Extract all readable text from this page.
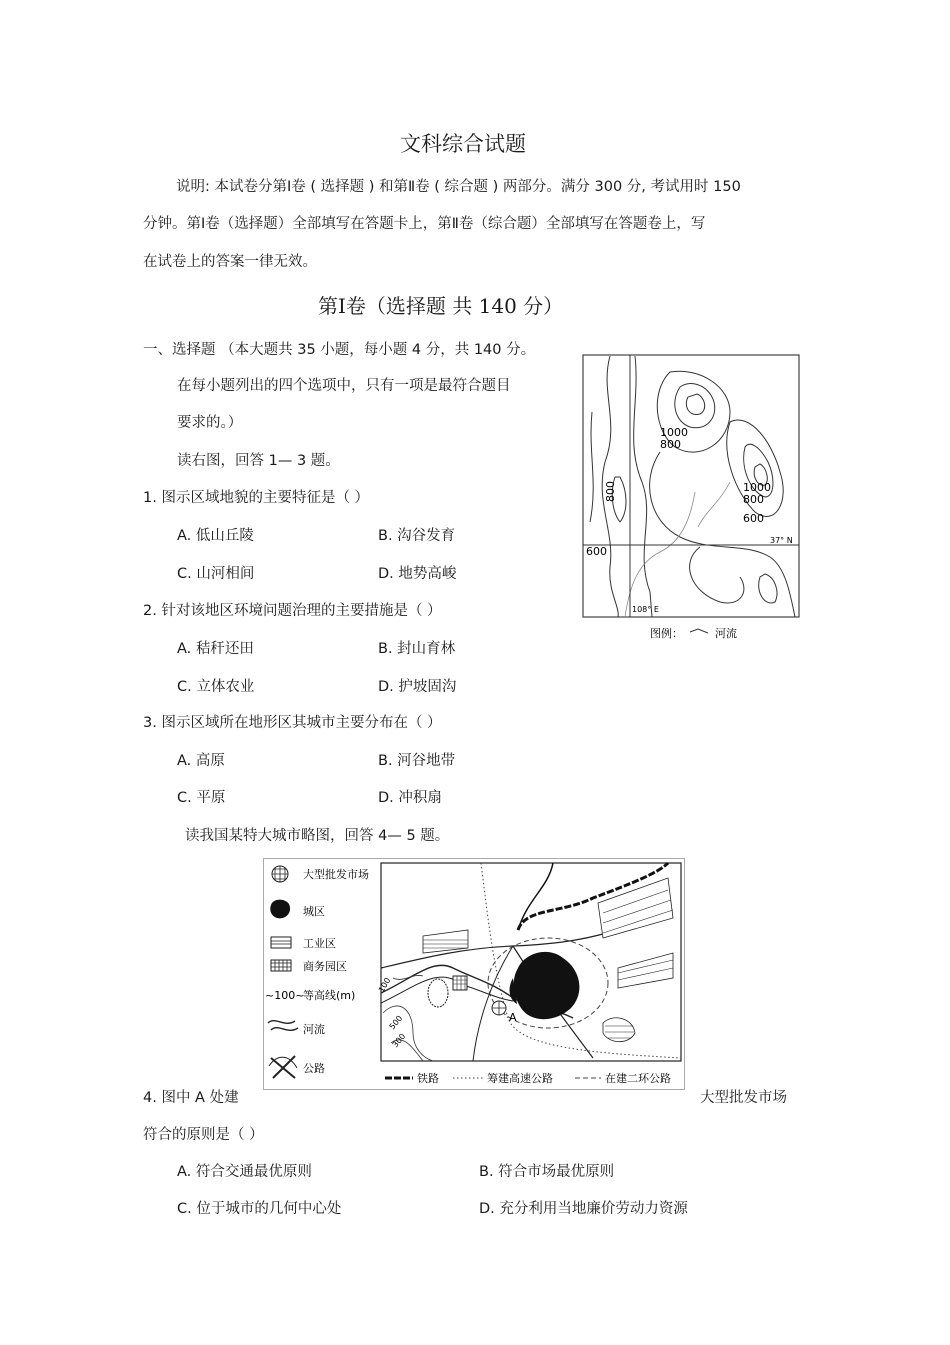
文科综合试题
说明: 本试卷分第Ⅰ卷 ( 选择题 ) 和第Ⅱ卷 ( 综合题 ) 两部分。满分 300 分, 考试用时 150
分钟。第Ⅰ卷（选择题）全部填写在答题卡上，第Ⅱ卷（综合题）全部填写在答题卷上，写
在试卷上的答案一律无效。
第Ⅰ卷（选择题 共 140 分）
一、选择题 （本大题共 35 小题，每小题 4 分，共 140 分。
在每小题列出的四个选项中，只有一项是最符合题目
要求的。）
读右图，回答 1— 3 题。
1. 图示区域地貌的主要特征是（ ）
A. 低山丘陵	B. 沟谷发育
C. 山河相间	D. 地势高峻
2. 针对该地区环境问题治理的主要措施是（ ）
A. 秸秆还田	B. 封山育林
C. 立体农业	D. 护坡固沟
3. 图示区域所在地形区其城市主要分布在（ ）
A. 高原	B. 河谷地带
C. 平原	D. 冲积扇
读我国某特大城市略图，回答 4— 5 题。
1000
800
1000
800
600
800
600
37° N
108° E
图例：	河流
大型批发市场
城区
工业区
商务园区
~100~
等高线(m)
河流
公路
100
500
300
A
铁路	筹建高速公路	在建二环公路
4. 图中 A 处建	大型批发市场
符合的原则是（ ）
A. 符合交通最优原则	B. 符合市场最优原则
C. 位于城市的几何中心处	D. 充分利用当地廉价劳动力资源
